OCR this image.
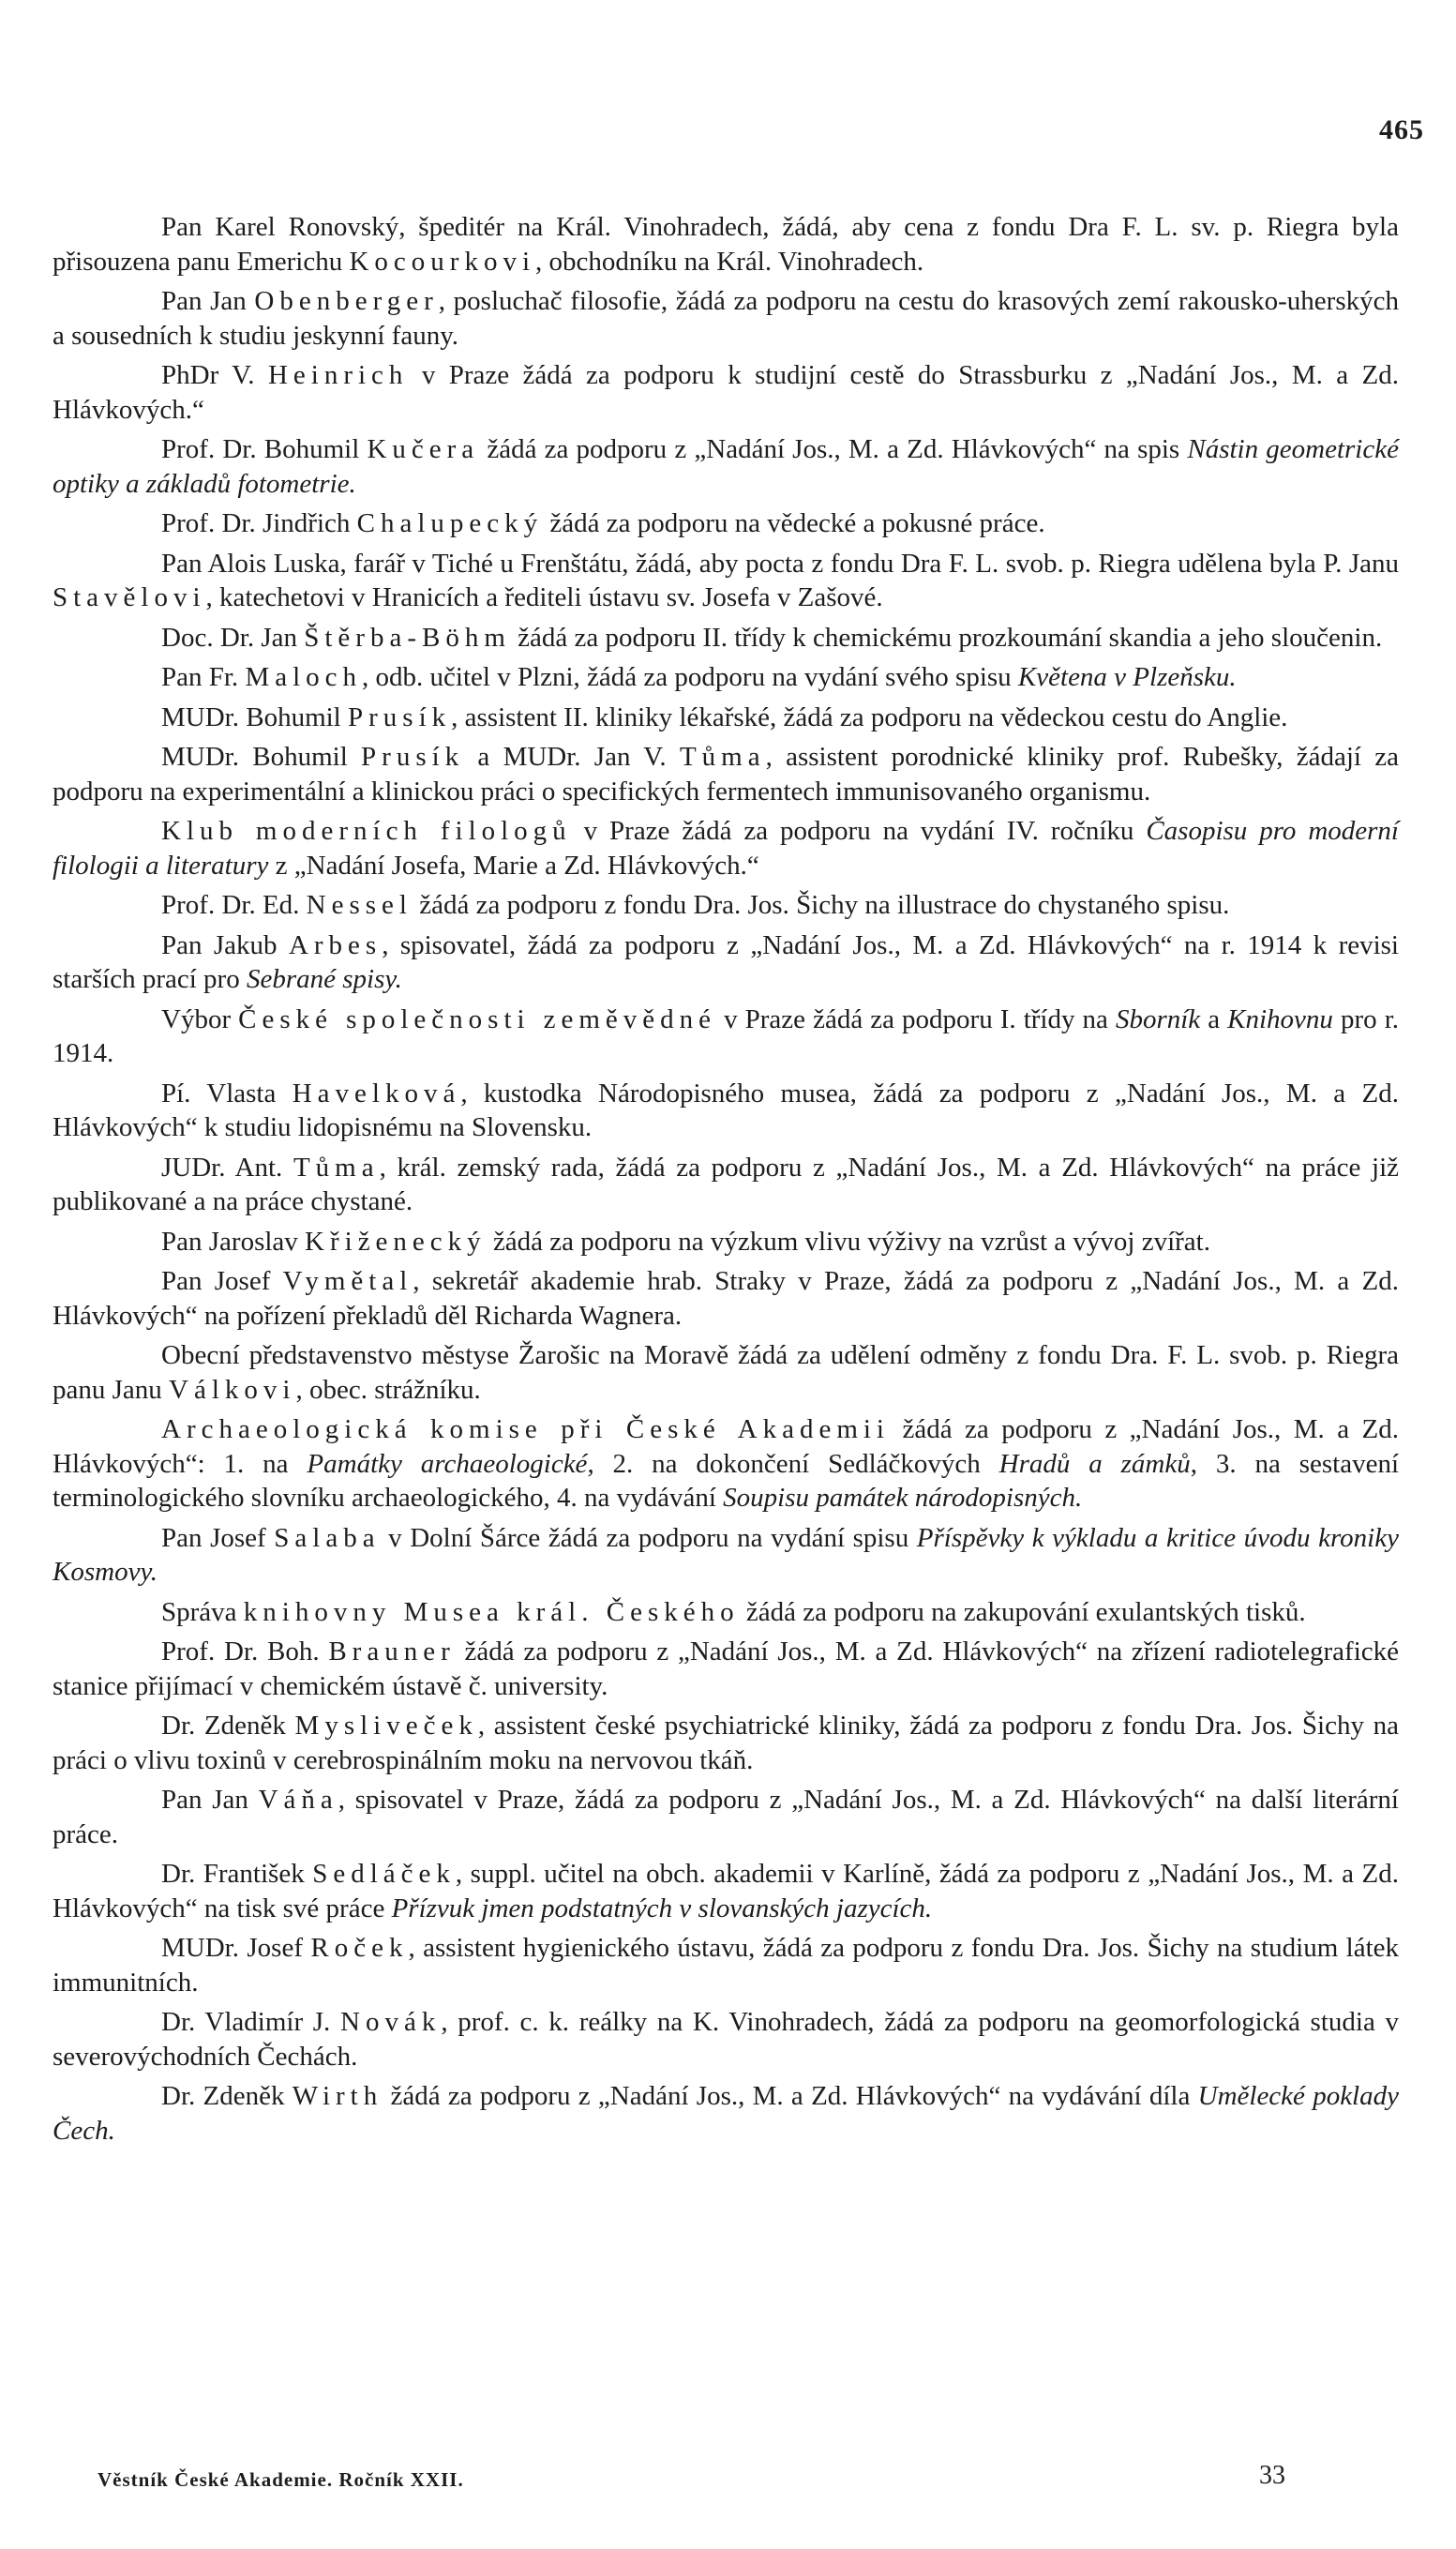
465

Pan Karel Ronovský, špeditér na Král. Vinohradech, žádá, aby cena z fondu Dra F. L. sv. p. Riegra byla přisouzena panu Emerichu Kocourkovi, obchodníku na Král. Vinohradech.

Pan Jan Obenberger, posluchač filosofie, žádá za podporu na cestu do krasových zemí rakousko-uherských a sousedních k studiu jeskynní fauny.

PhDr V. Heinrich v Praze žádá za podporu k studijní cestě do Strassburku z „Nadání Jos., M. a Zd. Hlávkových.“

Prof. Dr. Bohumil Kučera žádá za podporu z „Nadání Jos., M. a Zd. Hlávkových“ na spis Nástin geometrické optiky a základů fotometrie.

Prof. Dr. Jindřich Chalupecký žádá za podporu na vědecké a pokusné práce.

Pan Alois Luska, farář v Tiché u Frenštátu, žádá, aby pocta z fondu Dra F. L. svob. p. Riegra udělena byla P. Janu Stavělovi, katechetovi v Hranicích a řediteli ústavu sv. Josefa v Zašové.

Doc. Dr. Jan Štěrba-Böhm žádá za podporu II. třídy k chemickému prozkoumání skandia a jeho sloučenin.

Pan Fr. Maloch, odb. učitel v Plzni, žádá za podporu na vydání svého spisu Květena v Plzeňsku.

MUDr. Bohumil Prusík, assistent II. kliniky lékařské, žádá za podporu na vědeckou cestu do Anglie.

MUDr. Bohumil Prusík a MUDr. Jan V. Tůma, assistent porodnické kliniky prof. Rubešky, žádají za podporu na experimentální a klinickou práci o specifických fermentech immunisovaného organismu.

Klub moderních filologů v Praze žádá za podporu na vydání IV. ročníku Časopisu pro moderní filologii a literatury z „Nadání Josefa, Marie a Zd. Hlávkových.“

Prof. Dr. Ed. Nessel žádá za podporu z fondu Dra. Jos. Šichy na illustrace do chystaného spisu.

Pan Jakub Arbes, spisovatel, žádá za podporu z „Nadání Jos., M. a Zd. Hlávkových“ na r. 1914 k revisi starších prací pro Sebrané spisy.

Výbor České společnosti zeměvědné v Praze žádá za podporu I. třídy na Sborník a Knihovnu pro r. 1914.

Pí. Vlasta Havelková, kustodka Národopisného musea, žádá za podporu z „Nadání Jos., M. a Zd. Hlávkových“ k studiu lidopisnému na Slovensku.

JUDr. Ant. Tůma, král. zemský rada, žádá za podporu z „Nadání Jos., M. a Zd. Hlávkových“ na práce již publikované a na práce chystané.

Pan Jaroslav Křiženecký žádá za podporu na výzkum vlivu výživy na vzrůst a vývoj zvířat.

Pan Josef Vymětal, sekretář akademie hrab. Straky v Praze, žádá za podporu z „Nadání Jos., M. a Zd. Hlávkových“ na pořízení překladů děl Richarda Wagnera.

Obecní představenstvo městyse Žarošic na Moravě žádá za udělení odměny z fondu Dra. F. L. svob. p. Riegra panu Janu Válkovi, obec. strážníku.

Archaeologická komise při České Akademii žádá za podporu z „Nadání Jos., M. a Zd. Hlávkových“: 1. na Památky archaeologické, 2. na dokončení Sedláčkových Hradů a zámků, 3. na sestavení terminologického slovníku archaeologického, 4. na vydávání Soupisu památek národopisných.

Pan Josef Salaba v Dolní Šárce žádá za podporu na vydání spisu Příspěvky k výkladu a kritice úvodu kroniky Kosmovy.

Správa knihovny Musea král. Českého žádá za podporu na zakupování exulantských tisků.

Prof. Dr. Boh. Brauner žádá za podporu z „Nadání Jos., M. a Zd. Hlávkových“ na zřízení radiotelegrafické stanice přijímací v chemickém ústavě č. university.

Dr. Zdeněk Mysliveček, assistent české psychiatrické kliniky, žádá za podporu z fondu Dra. Jos. Šichy na práci o vlivu toxinů v cerebrospinálním moku na nervovou tkáň.

Pan Jan Váňa, spisovatel v Praze, žádá za podporu z „Nadání Jos., M. a Zd. Hlávkových“ na další literární práce.

Dr. František Sedláček, suppl. učitel na obch. akademii v Karlíně, žádá za podporu z „Nadání Jos., M. a Zd. Hlávkových“ na tisk své práce Přízvuk jmen podstatných v slovanských jazycích.

MUDr. Josef Roček, assistent hygienického ústavu, žádá za podporu z fondu Dra. Jos. Šichy na studium látek immunitních.

Dr. Vladimír J. Novák, prof. c. k. reálky na K. Vinohradech, žádá za podporu na geomorfologická studia v severovýchodních Čechách.

Dr. Zdeněk Wirth žádá za podporu z „Nadání Jos., M. a Zd. Hlávkových“ na vydávání díla Umělecké poklady Čech.

Věstník České Akademie. Ročník XXII.	33
